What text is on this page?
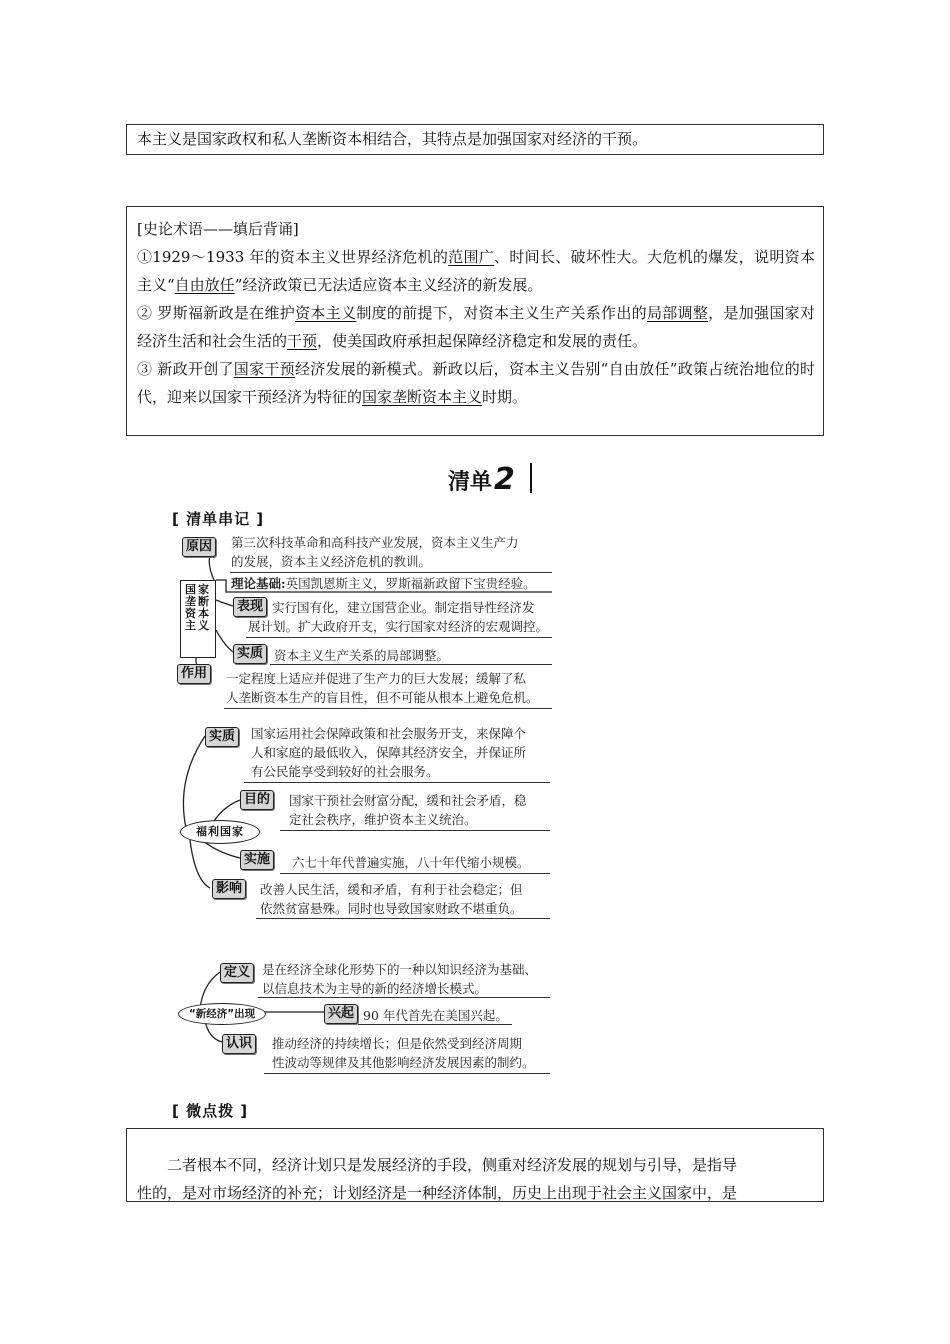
本主义是国家政权和私人垄断资本相结合，其特点是加强国家对经济的干预。
[史论术语——填后背诵]
①1929～1933 年的资本主义世界经济危机的范围广、时间长、破坏性大。大危机的爆发，说明资本主义“自由放任”经济政策已无法适应资本主义经济的新发展。
② 罗斯福新政是在维护资本主义制度的前提下，对资本主义生产关系作出的局部调整，是加强国家对经济生活和社会生活的干预，使美国政府承担起保障经济稳定和发展的责任。
③ 新政开创了国家干预经济发展的新模式。新政以后，资本主义告别“自由放任”政策占统治地位的时代，迎来以国家干预经济为特征的国家垄断资本主义时期。
清单2
[ 清单串记 ]
国家垄断资本主义
原因	第三次科技革命和高科技产业发展，资本主义生产力
的发展，资本主义经济危机的教训。
理论基础:英国凯恩斯主义，罗斯福新政留下宝贵经验。
表现 实行国有化，建立国营企业。制定指导性经济发
展计划。扩大政府开支，实行国家对经济的宏观调控。
实质 资本主义生产关系的局部调整。
作用	一定程度上适应并促进了生产力的巨大发展；缓解了私
人垄断资本生产的盲目性，但不可能从根本上避免危机。
福利国家
实质	国家运用社会保障政策和社会服务开支，来保障个
人和家庭的最低收入，保障其经济安全，并保证所
有公民能享受到较好的社会服务。
目的	国家干预社会财富分配，缓和社会矛盾，稳
定社会秩序，维护资本主义统治。
实施	六七十年代普遍实施，八十年代缩小规模。
影响	改善人民生活，缓和矛盾，有利于社会稳定；但
依然贫富悬殊。同时也导致国家财政不堪重负。
“新经济”出现
定义 是在经济全球化形势下的一种以知识经济为基础、
以信息技术为主导的新的经济增长模式。
兴起 90 年代首先在美国兴起。
认识	推动经济的持续增长；但是依然受到经济周期
性波动等规律及其他影响经济发展因素的制约。
[ 微点拨 ]
二者根本不同，经济计划只是发展经济的手段，侧重对经济发展的规划与引导，是指导
性的，是对市场经济的补充；计划经济是一种经济体制，历史上出现于社会主义国家中，是
